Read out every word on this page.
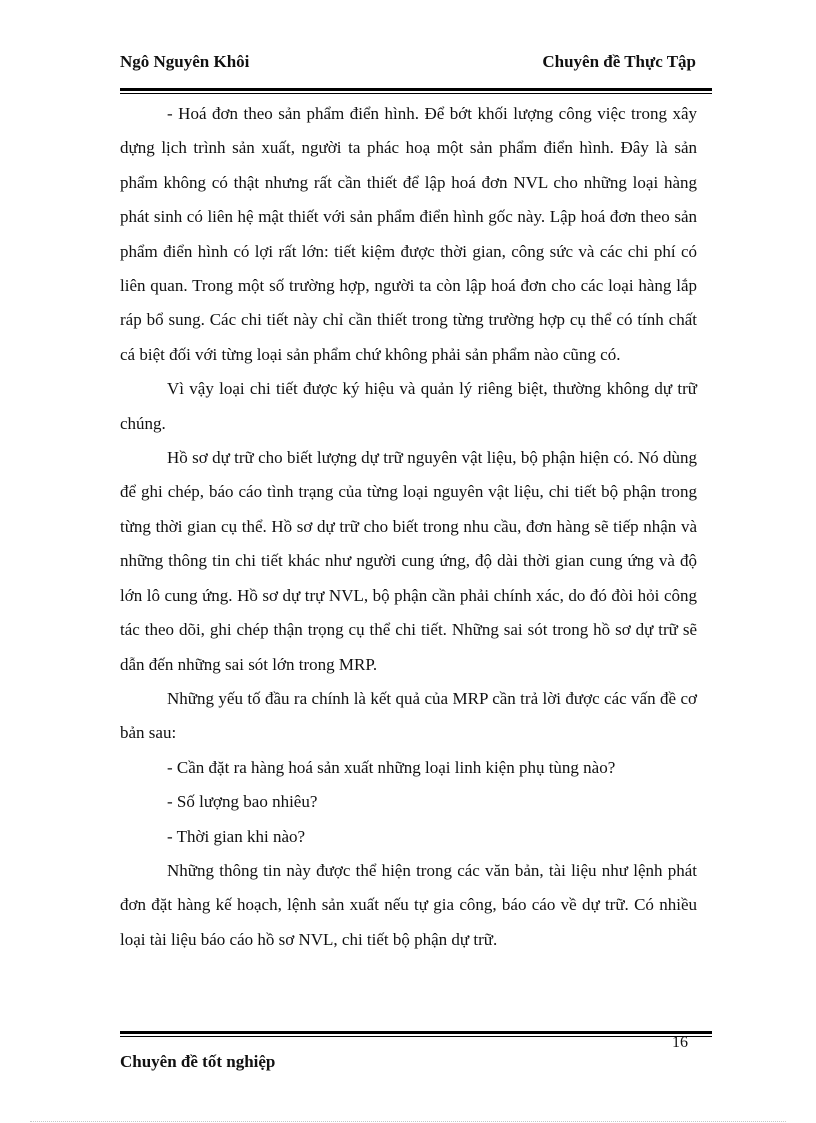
Ngô Nguyên Khôi	Chuyên đề Thực Tập

- Hoá đơn theo sản phẩm điển hình. Để bớt khối lượng công việc trong xây dựng lịch trình sản xuất, người ta phác hoạ một sản phẩm điển hình. Đây là sản phẩm không có thật nhưng rất cần thiết để lập hoá đơn NVL cho những loại hàng phát sinh có liên hệ mật thiết với sản phẩm điển hình gốc này. Lập hoá đơn theo sản phẩm điển hình có lợi rất lớn: tiết kiệm được thời gian, công sức và các chi phí có liên quan. Trong một số trường hợp, người ta còn lập hoá đơn cho các loại hàng lắp ráp bổ sung. Các chi tiết này chỉ cần thiết trong từng trường hợp cụ thể có tính chất cá biệt đối với từng loại sản phẩm chứ không phải sản phẩm nào cũng có.

Vì vậy loại chi tiết được ký hiệu và quản lý riêng biệt, thường không dự trữ chúng.

Hồ sơ dự trữ cho biết lượng dự trữ nguyên vật liệu, bộ phận hiện có. Nó dùng để ghi chép, báo cáo tình trạng của từng loại nguyên vật liệu, chi tiết bộ phận trong từng thời gian cụ thể. Hồ sơ dự trữ cho biết trong nhu cầu, đơn hàng sẽ tiếp nhận và những thông tin chi tiết khác như người cung ứng, độ dài thời gian cung ứng và độ lớn lô cung ứng. Hồ sơ dự trự NVL, bộ phận cần phải chính xác, do đó đòi hỏi công tác theo dõi, ghi chép thận trọng cụ thể chi tiết. Những sai sót trong hồ sơ dự trữ sẽ dẫn đến những sai sót lớn trong MRP.

Những yếu tố đầu ra chính là kết quả của MRP cần trả lời được các vấn đề cơ bản sau:

- Cần đặt ra hàng hoá sản xuất những loại linh kiện phụ tùng nào?

- Số lượng bao nhiêu?

- Thời gian khi nào?

Những thông tin này được thể hiện trong các văn bản, tài liệu như lệnh phát đơn đặt hàng kế hoạch, lệnh sản xuất nếu tự gia công, báo cáo về dự trữ. Có nhiều loại tài liệu báo cáo hồ sơ NVL, chi tiết bộ phận dự trữ.

16
Chuyên đề tốt nghiệp
